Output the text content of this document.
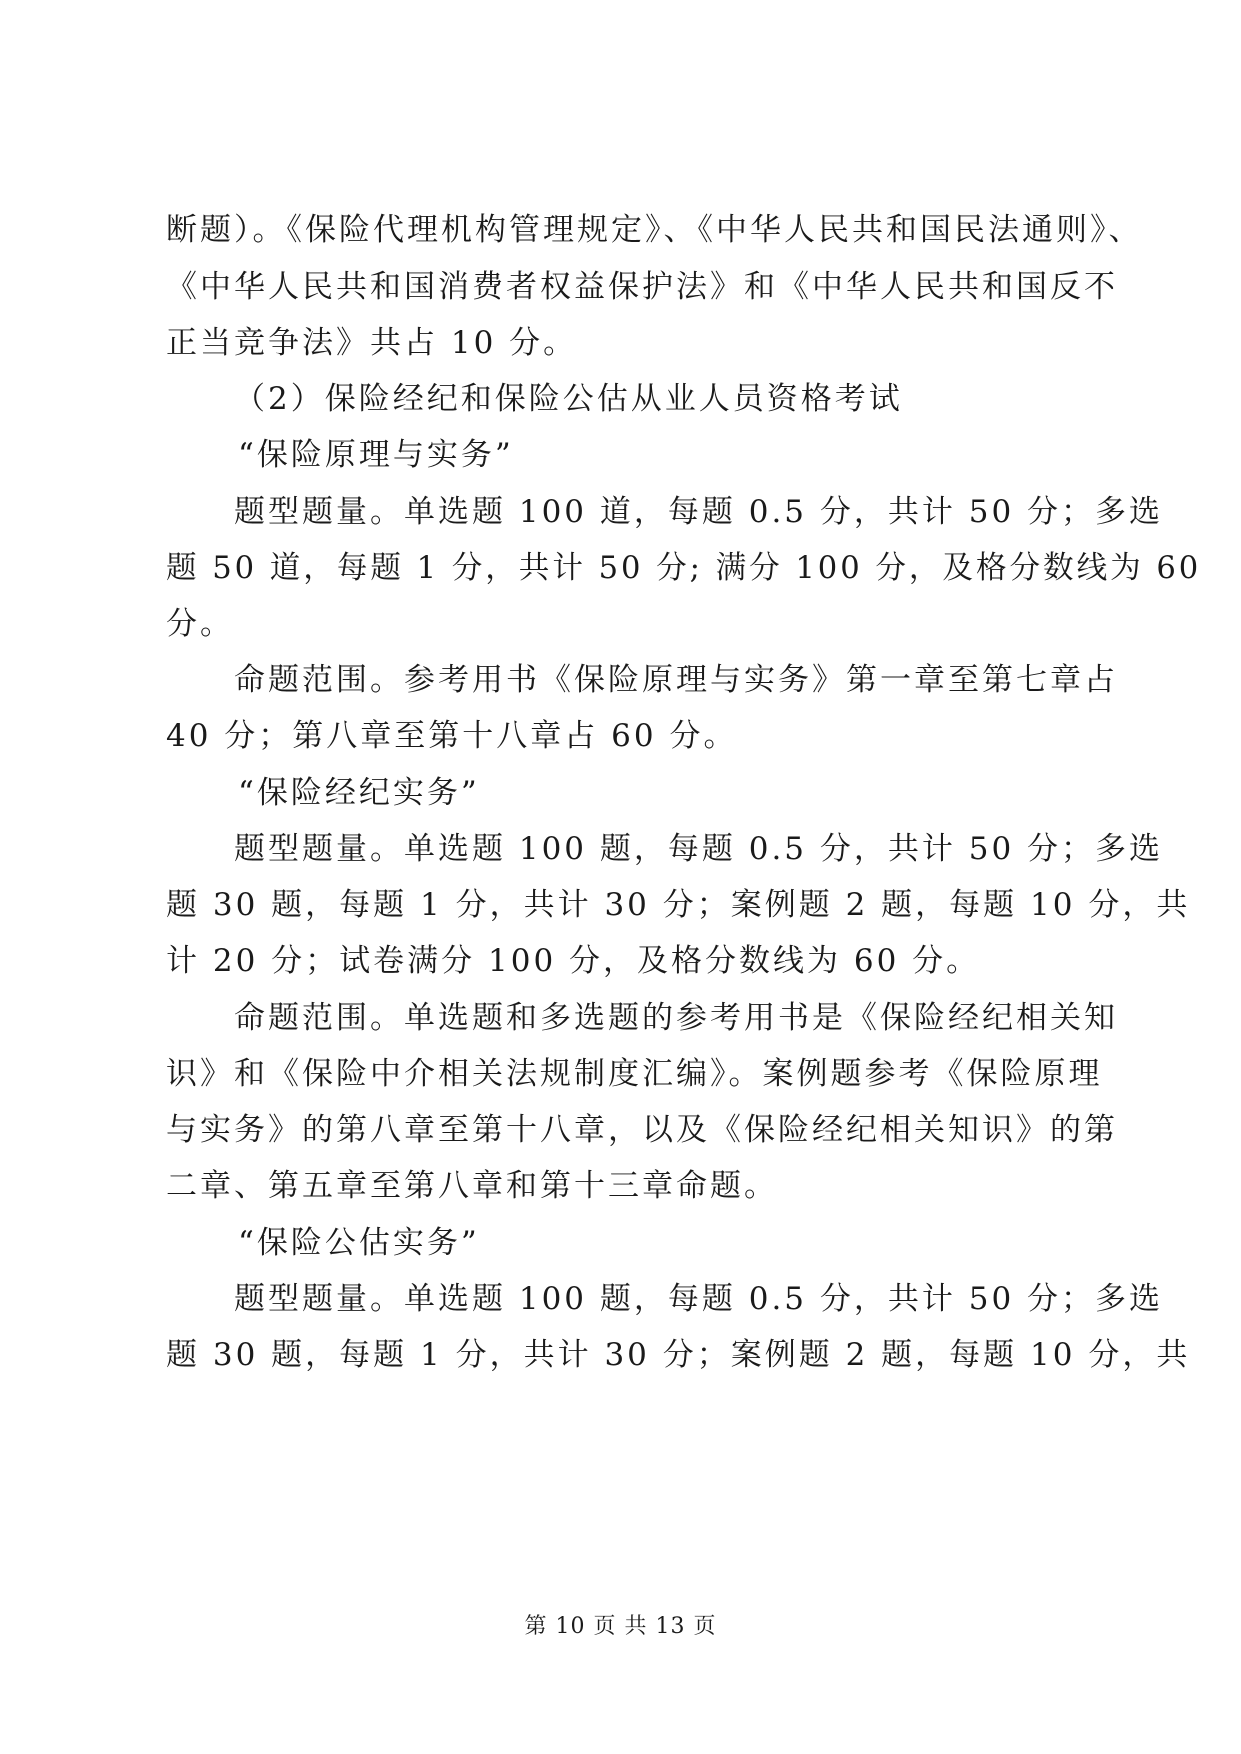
断题）。《保险代理机构管理规定》、《中华人民共和国民法通则》、
《中华人民共和国消费者权益保护法》和《中华人民共和国反不
正当竞争法》共占 10 分。
（2）保险经纪和保险公估从业人员资格考试
“保险原理与实务”
题型题量。单选题 100 道，每题 0.5 分，共计 50 分；多选
题 50 道，每题 1 分，共计 50 分; 满分 100 分，及格分数线为 60
分。
命题范围。参考用书《保险原理与实务》第一章至第七章占
40 分；第八章至第十八章占 60 分。
“保险经纪实务”
题型题量。单选题 100 题，每题 0.5 分，共计 50 分；多选
题 30 题，每题 1 分，共计 30 分；案例题 2 题，每题 10 分，共
计 20 分；试卷满分 100 分，及格分数线为 60 分。
命题范围。单选题和多选题的参考用书是《保险经纪相关知
识》和《保险中介相关法规制度汇编》。案例题参考《保险原理
与实务》的第八章至第十八章，以及《保险经纪相关知识》的第
二章、第五章至第八章和第十三章命题。
“保险公估实务”
题型题量。单选题 100 题，每题 0.5 分，共计 50 分；多选
题 30 题，每题 1 分，共计 30 分；案例题 2 题，每题 10 分，共
第 10 页 共 13 页
